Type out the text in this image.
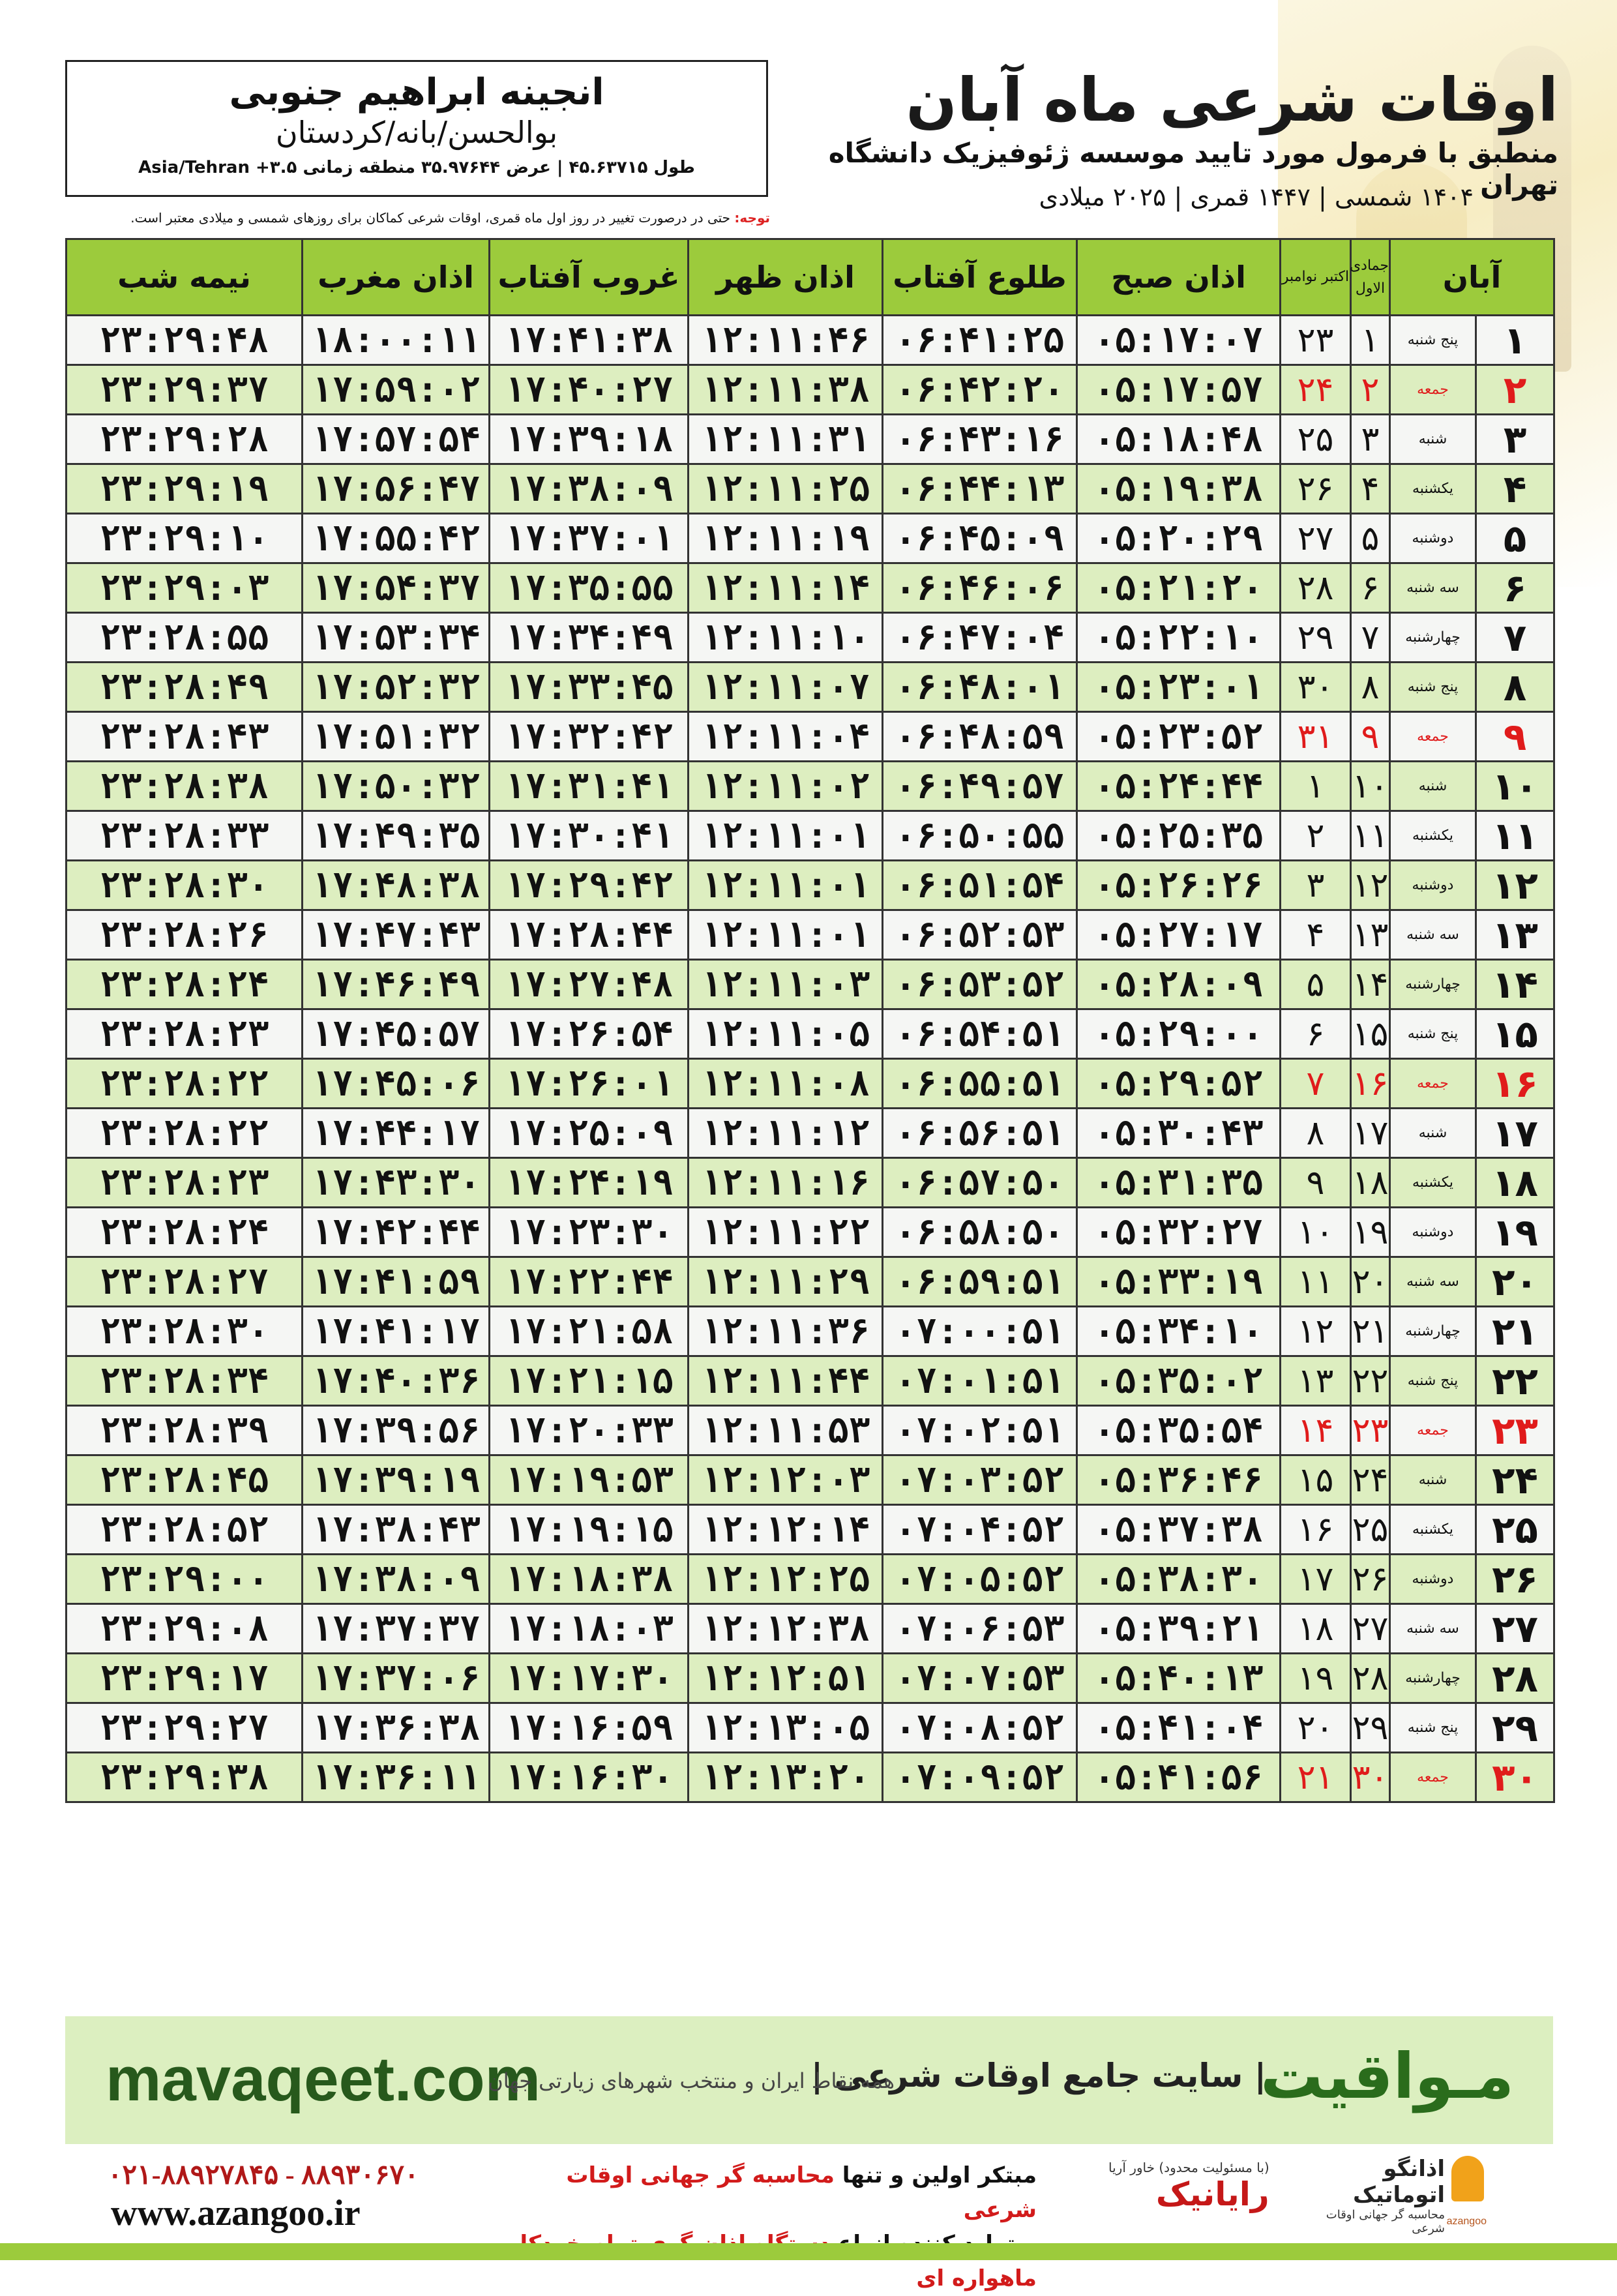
انجینه ابراهیم جنوبی
بوالحسن/بانه/کردستان
طول ۴۵.۶۳۷۱۵ | عرض ۳۵.۹۷۶۴۴ منطقه زمانی ۳.۵+ Asia/Tehran
اوقات شرعی ماه آبان
منطبق با فرمول مورد تایید موسسه ژئوفیزیک دانشگاه تهران
۱۴۰۴ شمسی | ۱۴۴۷ قمری | ۲۰۲۵ میلادی
توجه: حتی در درصورت تغییر در روز اول ماه قمری، اوقات شرعی کماکان برای روزهای شمسی و میلادی معتبر است.
آبان		جمادی الاول	اکتبر نوامبر	اذان صبح	طلوع آفتاب	اذان ظهر	غروب آفتاب	اذان مغرب	نیمه شب
۱	پنج شنبه	۱	۲۳	۰۵:۱۷:۰۷	۰۶:۴۱:۲۵	۱۲:۱۱:۴۶	۱۷:۴۱:۳۸	۱۸:۰۰:۱۱	۲۳:۲۹:۴۸
۲	جمعه	۲	۲۴	۰۵:۱۷:۵۷	۰۶:۴۲:۲۰	۱۲:۱۱:۳۸	۱۷:۴۰:۲۷	۱۷:۵۹:۰۲	۲۳:۲۹:۳۷
۳	شنبه	۳	۲۵	۰۵:۱۸:۴۸	۰۶:۴۳:۱۶	۱۲:۱۱:۳۱	۱۷:۳۹:۱۸	۱۷:۵۷:۵۴	۲۳:۲۹:۲۸
۴	یکشنبه	۴	۲۶	۰۵:۱۹:۳۸	۰۶:۴۴:۱۳	۱۲:۱۱:۲۵	۱۷:۳۸:۰۹	۱۷:۵۶:۴۷	۲۳:۲۹:۱۹
۵	دوشنبه	۵	۲۷	۰۵:۲۰:۲۹	۰۶:۴۵:۰۹	۱۲:۱۱:۱۹	۱۷:۳۷:۰۱	۱۷:۵۵:۴۲	۲۳:۲۹:۱۰
۶	سه شنبه	۶	۲۸	۰۵:۲۱:۲۰	۰۶:۴۶:۰۶	۱۲:۱۱:۱۴	۱۷:۳۵:۵۵	۱۷:۵۴:۳۷	۲۳:۲۹:۰۳
۷	چهارشنبه	۷	۲۹	۰۵:۲۲:۱۰	۰۶:۴۷:۰۴	۱۲:۱۱:۱۰	۱۷:۳۴:۴۹	۱۷:۵۳:۳۴	۲۳:۲۸:۵۵
۸	پنج شنبه	۸	۳۰	۰۵:۲۳:۰۱	۰۶:۴۸:۰۱	۱۲:۱۱:۰۷	۱۷:۳۳:۴۵	۱۷:۵۲:۳۲	۲۳:۲۸:۴۹
۹	جمعه	۹	۳۱	۰۵:۲۳:۵۲	۰۶:۴۸:۵۹	۱۲:۱۱:۰۴	۱۷:۳۲:۴۲	۱۷:۵۱:۳۲	۲۳:۲۸:۴۳
۱۰	شنبه	۱۰	۱	۰۵:۲۴:۴۴	۰۶:۴۹:۵۷	۱۲:۱۱:۰۲	۱۷:۳۱:۴۱	۱۷:۵۰:۳۲	۲۳:۲۸:۳۸
۱۱	یکشنبه	۱۱	۲	۰۵:۲۵:۳۵	۰۶:۵۰:۵۵	۱۲:۱۱:۰۱	۱۷:۳۰:۴۱	۱۷:۴۹:۳۵	۲۳:۲۸:۳۳
۱۲	دوشنبه	۱۲	۳	۰۵:۲۶:۲۶	۰۶:۵۱:۵۴	۱۲:۱۱:۰۱	۱۷:۲۹:۴۲	۱۷:۴۸:۳۸	۲۳:۲۸:۳۰
۱۳	سه شنبه	۱۳	۴	۰۵:۲۷:۱۷	۰۶:۵۲:۵۳	۱۲:۱۱:۰۱	۱۷:۲۸:۴۴	۱۷:۴۷:۴۳	۲۳:۲۸:۲۶
۱۴	چهارشنبه	۱۴	۵	۰۵:۲۸:۰۹	۰۶:۵۳:۵۲	۱۲:۱۱:۰۳	۱۷:۲۷:۴۸	۱۷:۴۶:۴۹	۲۳:۲۸:۲۴
۱۵	پنج شنبه	۱۵	۶	۰۵:۲۹:۰۰	۰۶:۵۴:۵۱	۱۲:۱۱:۰۵	۱۷:۲۶:۵۴	۱۷:۴۵:۵۷	۲۳:۲۸:۲۳
۱۶	جمعه	۱۶	۷	۰۵:۲۹:۵۲	۰۶:۵۵:۵۱	۱۲:۱۱:۰۸	۱۷:۲۶:۰۱	۱۷:۴۵:۰۶	۲۳:۲۸:۲۲
۱۷	شنبه	۱۷	۸	۰۵:۳۰:۴۳	۰۶:۵۶:۵۱	۱۲:۱۱:۱۲	۱۷:۲۵:۰۹	۱۷:۴۴:۱۷	۲۳:۲۸:۲۲
۱۸	یکشنبه	۱۸	۹	۰۵:۳۱:۳۵	۰۶:۵۷:۵۰	۱۲:۱۱:۱۶	۱۷:۲۴:۱۹	۱۷:۴۳:۳۰	۲۳:۲۸:۲۳
۱۹	دوشنبه	۱۹	۱۰	۰۵:۳۲:۲۷	۰۶:۵۸:۵۰	۱۲:۱۱:۲۲	۱۷:۲۳:۳۰	۱۷:۴۲:۴۴	۲۳:۲۸:۲۴
۲۰	سه شنبه	۲۰	۱۱	۰۵:۳۳:۱۹	۰۶:۵۹:۵۱	۱۲:۱۱:۲۹	۱۷:۲۲:۴۴	۱۷:۴۱:۵۹	۲۳:۲۸:۲۷
۲۱	چهارشنبه	۲۱	۱۲	۰۵:۳۴:۱۰	۰۷:۰۰:۵۱	۱۲:۱۱:۳۶	۱۷:۲۱:۵۸	۱۷:۴۱:۱۷	۲۳:۲۸:۳۰
۲۲	پنج شنبه	۲۲	۱۳	۰۵:۳۵:۰۲	۰۷:۰۱:۵۱	۱۲:۱۱:۴۴	۱۷:۲۱:۱۵	۱۷:۴۰:۳۶	۲۳:۲۸:۳۴
۲۳	جمعه	۲۳	۱۴	۰۵:۳۵:۵۴	۰۷:۰۲:۵۱	۱۲:۱۱:۵۳	۱۷:۲۰:۳۳	۱۷:۳۹:۵۶	۲۳:۲۸:۳۹
۲۴	شنبه	۲۴	۱۵	۰۵:۳۶:۴۶	۰۷:۰۳:۵۲	۱۲:۱۲:۰۳	۱۷:۱۹:۵۳	۱۷:۳۹:۱۹	۲۳:۲۸:۴۵
۲۵	یکشنبه	۲۵	۱۶	۰۵:۳۷:۳۸	۰۷:۰۴:۵۲	۱۲:۱۲:۱۴	۱۷:۱۹:۱۵	۱۷:۳۸:۴۳	۲۳:۲۸:۵۲
۲۶	دوشنبه	۲۶	۱۷	۰۵:۳۸:۳۰	۰۷:۰۵:۵۲	۱۲:۱۲:۲۵	۱۷:۱۸:۳۸	۱۷:۳۸:۰۹	۲۳:۲۹:۰۰
۲۷	سه شنبه	۲۷	۱۸	۰۵:۳۹:۲۱	۰۷:۰۶:۵۳	۱۲:۱۲:۳۸	۱۷:۱۸:۰۳	۱۷:۳۷:۳۷	۲۳:۲۹:۰۸
۲۸	چهارشنبه	۲۸	۱۹	۰۵:۴۰:۱۳	۰۷:۰۷:۵۳	۱۲:۱۲:۵۱	۱۷:۱۷:۳۰	۱۷:۳۷:۰۶	۲۳:۲۹:۱۷
۲۹	پنج شنبه	۲۹	۲۰	۰۵:۴۱:۰۴	۰۷:۰۸:۵۲	۱۲:۱۳:۰۵	۱۷:۱۶:۵۹	۱۷:۳۶:۳۸	۲۳:۲۹:۲۷
۳۰	جمعه	۳۰	۲۱	۰۵:۴۱:۵۶	۰۷:۰۹:۵۲	۱۲:۱۳:۲۰	۱۷:۱۶:۳۰	۱۷:۳۶:۱۱	۲۳:۲۹:۳۸
mavaqeet.com	مـواقیت
| سایت جامع اوقات شرعی |
همه نقاط ایران و منتخب شهرهای زیارتی جهان
۰۲۱-۸۸۹۲۷۸۴۵ - ۸۸۹۳۰۶۷۰
www.azangoo.ir
مبتکر اولین و تنها محاسبه گر جهانی اوقات شرعی
ماهواره ای
(با مسئولیت محدود) خاور آریا
رایانیک
اذانگو اتوماتیک
محاسبه گر جهانی اوقات شرعی
azangoo
